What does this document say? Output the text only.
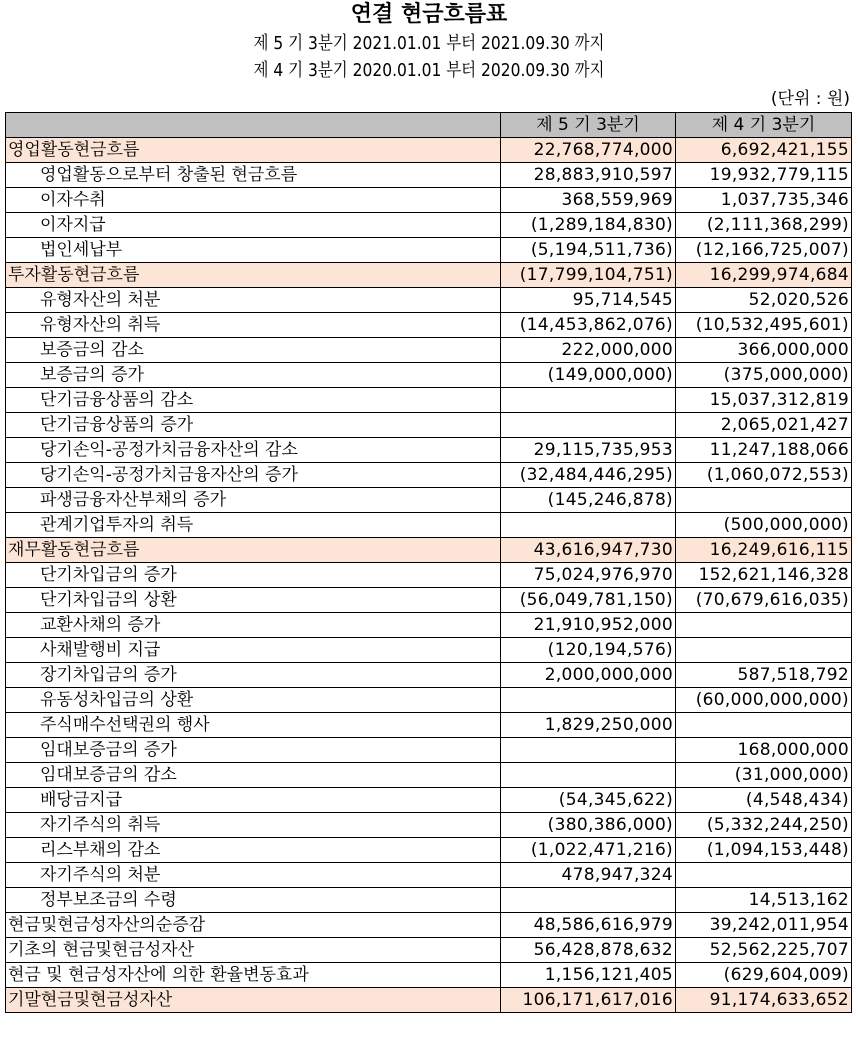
연결 현금흐름표
제 5 기 3분기 2021.01.01 부터 2021.09.30 까지
제 4 기 3분기 2020.01.01 부터 2020.09.30 까지
(단위 : 원)
	제 5 기 3분기	제 4 기 3분기
영업활동현금흐름	22,768,774,000	6,692,421,155
영업활동으로부터 창출된 현금흐름	28,883,910,597	19,932,779,115
이자수취	368,559,969	1,037,735,346
이자지급	(1,289,184,830)	(2,111,368,299)
법인세납부	(5,194,511,736)	(12,166,725,007)
투자활동현금흐름	(17,799,104,751)	16,299,974,684
유형자산의 처분	95,714,545	52,020,526
유형자산의 취득	(14,453,862,076)	(10,532,495,601)
보증금의 감소	222,000,000	366,000,000
보증금의 증가	(149,000,000)	(375,000,000)
단기금융상품의 감소		15,037,312,819
단기금융상품의 증가		2,065,021,427
당기손익-공정가치금융자산의 감소	29,115,735,953	11,247,188,066
당기손익-공정가치금융자산의 증가	(32,484,446,295)	(1,060,072,553)
파생금융자산부채의 증가	(145,246,878)	
관계기업투자의 취득		(500,000,000)
재무활동현금흐름	43,616,947,730	16,249,616,115
단기차입금의 증가	75,024,976,970	152,621,146,328
단기차입금의 상환	(56,049,781,150)	(70,679,616,035)
교환사채의 증가	21,910,952,000	
사채발행비 지급	(120,194,576)	
장기차입금의 증가	2,000,000,000	587,518,792
유동성차입금의 상환		(60,000,000,000)
주식매수선택권의 행사	1,829,250,000	
임대보증금의 증가		168,000,000
임대보증금의 감소		(31,000,000)
배당금지급	(54,345,622)	(4,548,434)
자기주식의 취득	(380,386,000)	(5,332,244,250)
리스부채의 감소	(1,022,471,216)	(1,094,153,448)
자기주식의 처분	478,947,324	
정부보조금의 수령		14,513,162
현금및현금성자산의순증감	48,586,616,979	39,242,011,954
기초의 현금및현금성자산	56,428,878,632	52,562,225,707
현금 및 현금성자산에 의한 환율변동효과	1,156,121,405	(629,604,009)
기말현금및현금성자산	106,171,617,016	91,174,633,652
